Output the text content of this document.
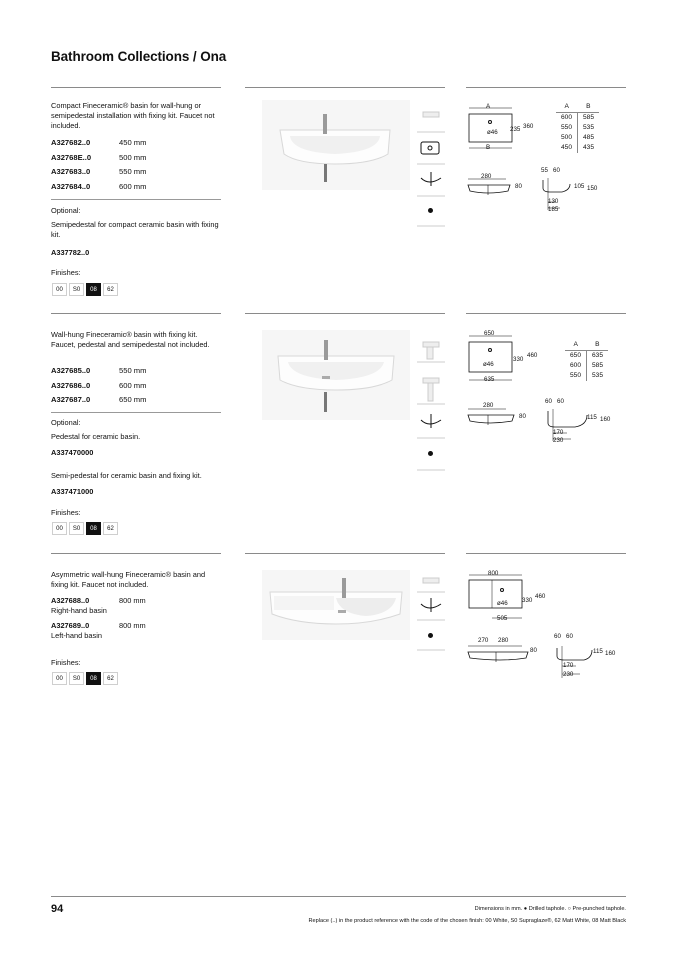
Bathroom Collections / Ona
Compact Fineceramic® basin for wall-hung or semipedestal installation with fixing kit. Faucet not included.
A327682..0	450 mm
A32768E..0	500 mm
A327683..0	550 mm
A327684..0	600 mm
Optional:
Semipedestal for compact ceramic basin with fixing kit.
A337782..0
Finishes:
00	S0	08	62
A
B
ø46 235 360
A	B
600	585
550	535
500	485
450	435
280
80
55 60
105 150
130
185
Wall-hung Fineceramic® basin with fixing kit. Faucet, pedestal and semipedestal not included.
A327685..0	550 mm
A327686..0	600 mm
A327687..0	650 mm
Optional:
Pedestal for ceramic basin.
A337470000
Semi-pedestal for ceramic basin and fixing kit.
A337471000
Finishes:
00	S0	08	62
650
ø46
330
460
635
A	B
650	635
600	585
550	535
280
80
60 60
115 160
170
230
Asymmetric wall-hung Fineceramic® basin and fixing kit. Faucet not included.
A327688..0	800 mm
Right-hand basin
A327689..0	800 mm
Left-hand basin
Finishes:
00	S0	08	62
800
ø46 330
460
505
270 280
80
60 60
115 160
170
230
94	Dimensions in mm. ● Drilled taphole. ○ Pre-punched taphole.
Replace (..) in the product reference with the code of the chosen finish: 00 White, S0 Supraglaze®, 62 Matt White, 08 Matt Black
